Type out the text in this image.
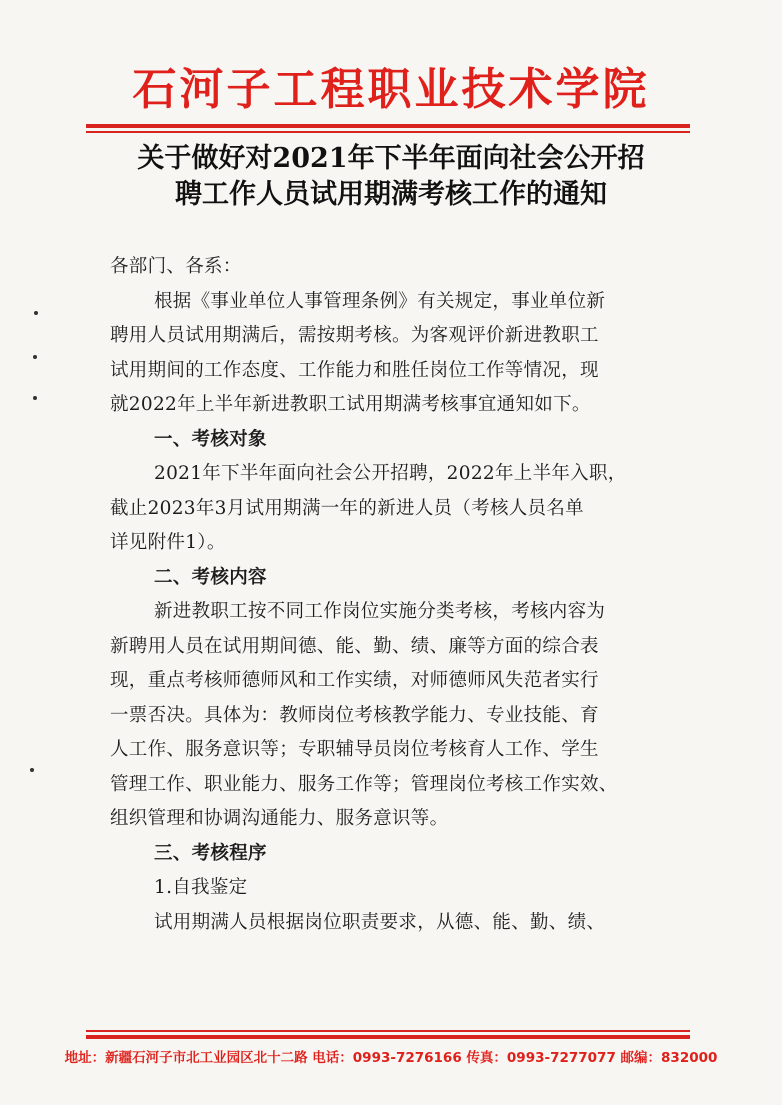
石河子工程职业技术学院
关于做好对2021年下半年面向社会公开招
聘工作人员试用期满考核工作的通知
各部门、各系：
根据《事业单位人事管理条例》有关规定，事业单位新
聘用人员试用期满后，需按期考核。为客观评价新进教职工
试用期间的工作态度、工作能力和胜任岗位工作等情况，现
就2022年上半年新进教职工试用期满考核事宜通知如下。
一、考核对象
2021年下半年面向社会公开招聘，2022年上半年入职，
截止2023年3月试用期满一年的新进人员（考核人员名单
详见附件1）。
二、考核内容
新进教职工按不同工作岗位实施分类考核，考核内容为
新聘用人员在试用期间德、能、勤、绩、廉等方面的综合表
现，重点考核师德师风和工作实绩，对师德师风失范者实行
一票否决。具体为：教师岗位考核教学能力、专业技能、育
人工作、服务意识等；专职辅导员岗位考核育人工作、学生
管理工作、职业能力、服务工作等；管理岗位考核工作实效、
组织管理和协调沟通能力、服务意识等。
三、考核程序
1.自我鉴定
试用期满人员根据岗位职责要求，从德、能、勤、绩、
地址：新疆石河子市北工业园区北十二路 电话：0993-7276166 传真：0993-7277077 邮编：832000
